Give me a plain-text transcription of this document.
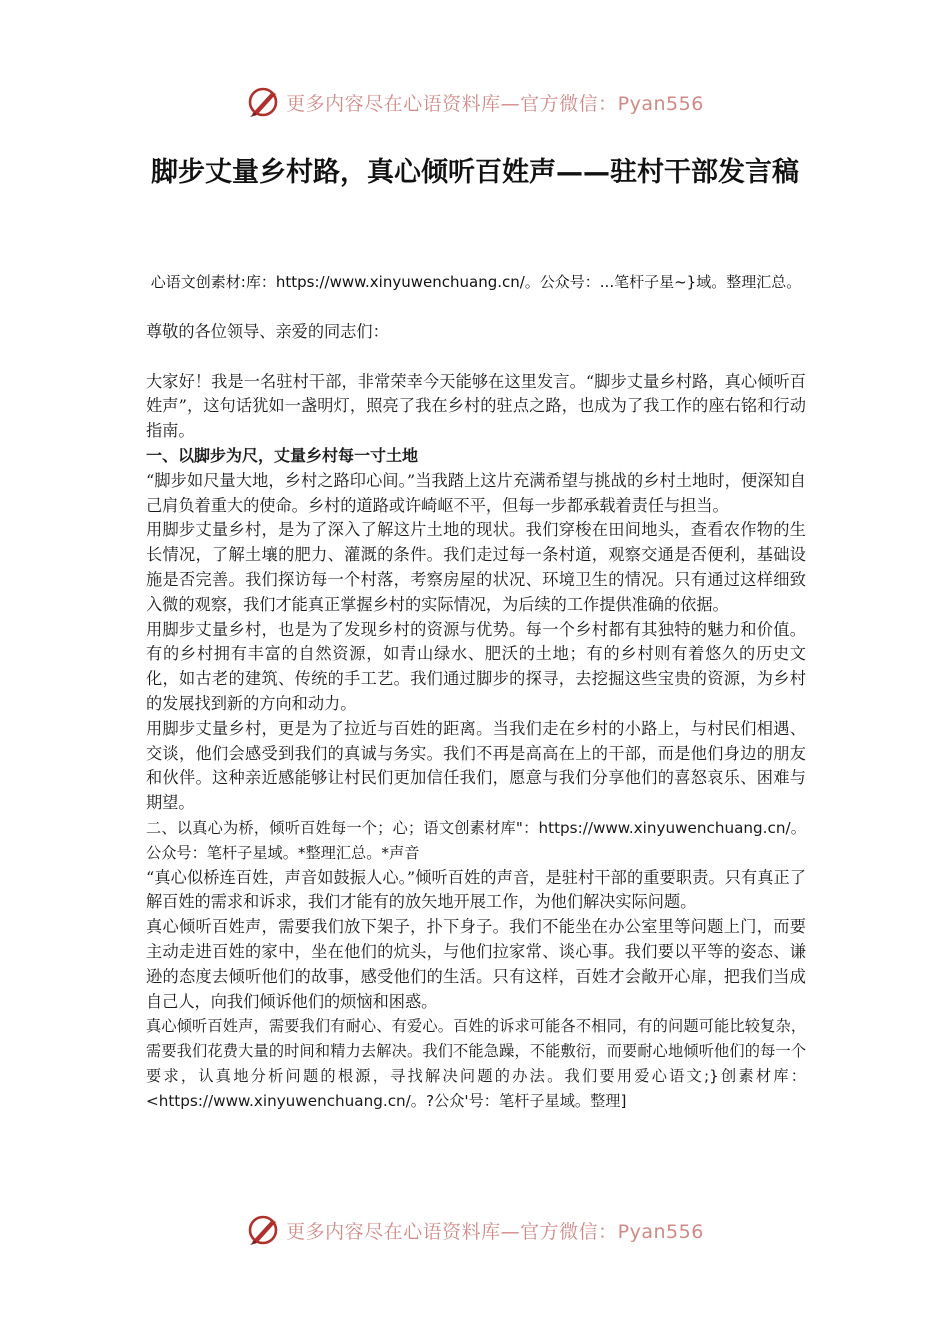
更多内容尽在心语资料库—官方微信：Pyan556
脚步丈量乡村路，真心倾听百姓声——驻村干部发言稿
心语文创素材:库：https://www.xinyuwenchuang.cn/。公众号：...笔杆子星~}域。整理汇总。

尊敬的各位领导、亲爱的同志们：

大家好！我是一名驻村干部，非常荣幸今天能够在这里发言。“脚步丈量乡村路，真心倾听百姓声”，这句话犹如一盏明灯，照亮了我在乡村的驻点之路，也成为了我工作的座右铭和行动指南。

一、以脚步为尺，丈量乡村每一寸土地

“脚步如尺量大地，乡村之路印心间。”当我踏上这片充满希望与挑战的乡村土地时，便深知自己肩负着重大的使命。乡村的道路或许崎岖不平，但每一步都承载着责任与担当。

用脚步丈量乡村，是为了深入了解这片土地的现状。我们穿梭在田间地头，查看农作物的生长情况，了解土壤的肥力、灌溉的条件。我们走过每一条村道，观察交通是否便利，基础设施是否完善。我们探访每一个村落，考察房屋的状况、环境卫生的情况。只有通过这样细致入微的观察，我们才能真正掌握乡村的实际情况，为后续的工作提供准确的依据。

用脚步丈量乡村，也是为了发现乡村的资源与优势。每一个乡村都有其独特的魅力和价值。有的乡村拥有丰富的自然资源，如青山绿水、肥沃的土地；有的乡村则有着悠久的历史文化，如古老的建筑、传统的手工艺。我们通过脚步的探寻，去挖掘这些宝贵的资源，为乡村的发展找到新的方向和动力。

用脚步丈量乡村，更是为了拉近与百姓的距离。当我们走在乡村的小路上，与村民们相遇、交谈，他们会感受到我们的真诚与务实。我们不再是高高在上的干部，而是他们身边的朋友和伙伴。这种亲近感能够让村民们更加信任我们，愿意与我们分享他们的喜怒哀乐、困难与期望。

二、以真心为桥，倾听百姓每一个；心；语文创素材库"：https://www.xinyuwenchuang.cn/。公众号：笔杆子星域。*整理汇总。*声音

“真心似桥连百姓，声音如鼓振人心。”倾听百姓的声音，是驻村干部的重要职责。只有真正了解百姓的需求和诉求，我们才能有的放矢地开展工作，为他们解决实际问题。

真心倾听百姓声，需要我们放下架子，扑下身子。我们不能坐在办公室里等问题上门，而要主动走进百姓的家中，坐在他们的炕头，与他们拉家常、谈心事。我们要以平等的姿态、谦逊的态度去倾听他们的故事，感受他们的生活。只有这样，百姓才会敞开心扉，把我们当成自己人，向我们倾诉他们的烦恼和困惑。

真心倾听百姓声，需要我们有耐心、有爱心。百姓的诉求可能各不相同，有的问题可能比较复杂，需要我们花费大量的时间和精力去解决。我们不能急躁，不能敷衍，而要耐心地倾听他们的每一个要求，认真地分析问题的根源，寻找解决问题的办法。我们要用爱心语文;}创素材库：<https://www.xinyuwenchuang.cn/。?公众'号：笔杆子星域。整理]

更多内容尽在心语资料库—官方微信：Pyan556
